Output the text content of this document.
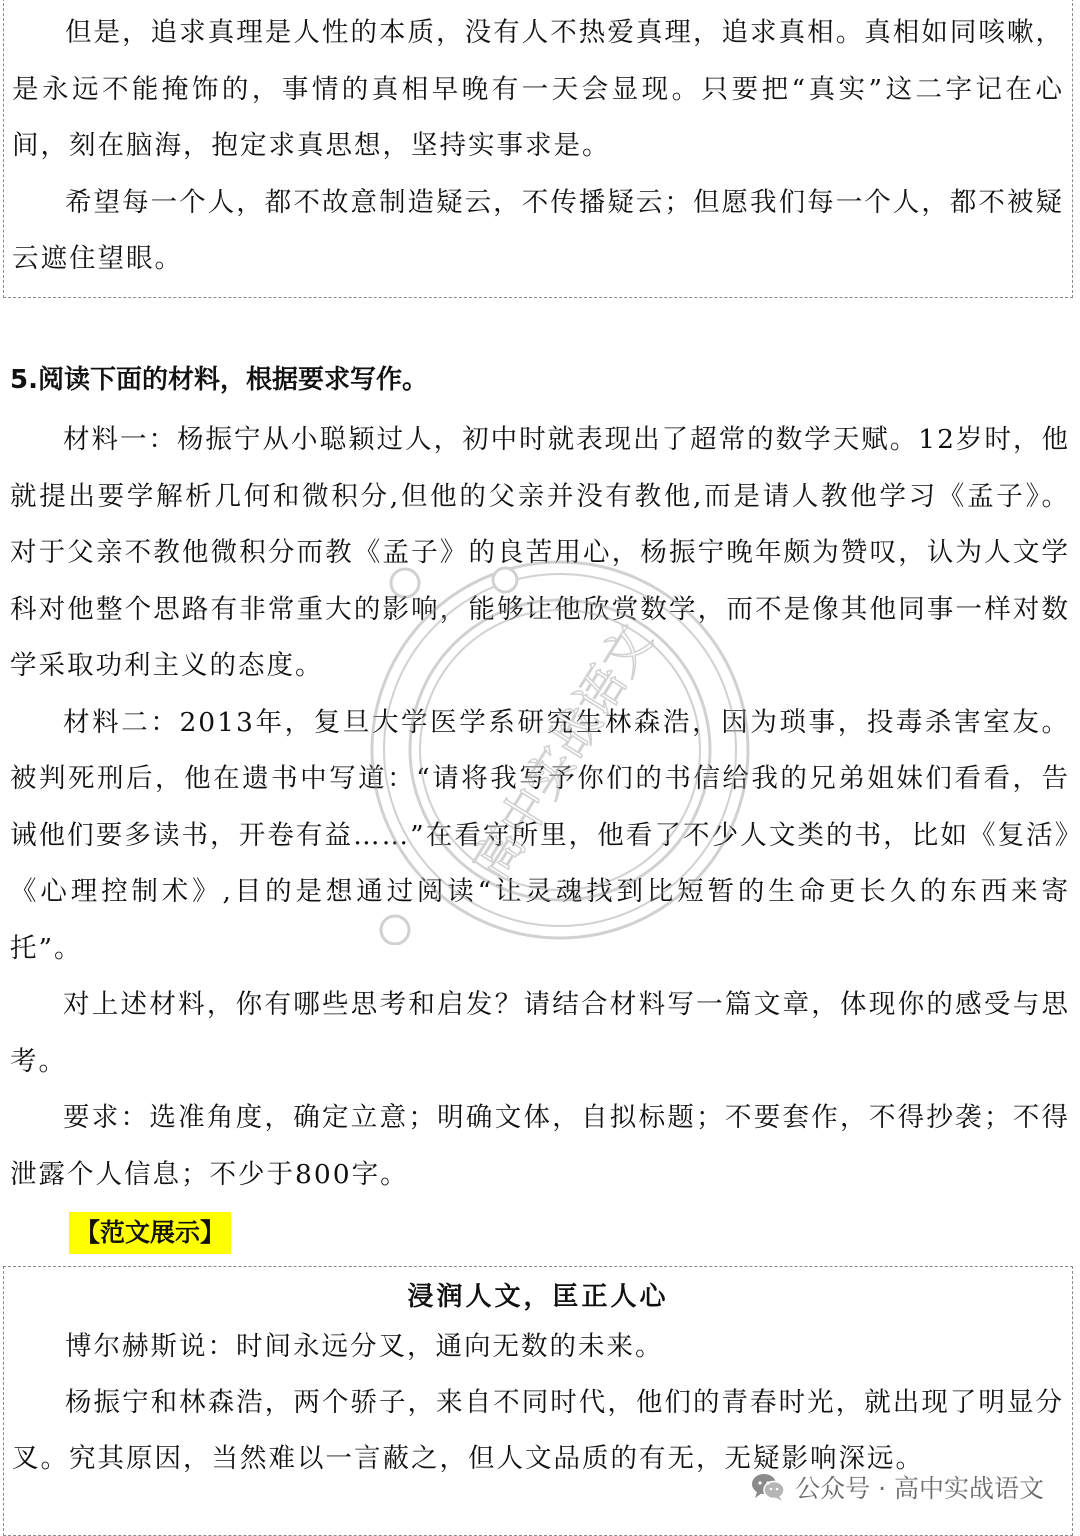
但是，追求真理是人性的本质，没有人不热爱真理，追求真相。真相如同咳嗽，是永远不能掩饰的，事情的真相早晚有一天会显现。只要把“真实”这二字记在心间，刻在脑海，抱定求真思想，坚持实事求是。

希望每一个人，都不故意制造疑云，不传播疑云；但愿我们每一个人，都不被疑云遮住望眼。

5.阅读下面的材料，根据要求写作。

材料一：杨振宁从小聪颖过人，初中时就表现出了超常的数学天赋。12岁时，他就提出要学解析几何和微积分,但他的父亲并没有教他,而是请人教他学习《孟子》。对于父亲不教他微积分而教《孟子》的良苦用心，杨振宁晚年颇为赞叹，认为人文学科对他整个思路有非常重大的影响，能够让他欣赏数学，而不是像其他同事一样对数学采取功利主义的态度。

材料二：2013年，复旦大学医学系研究生林森浩，因为琐事，投毒杀害室友。被判死刑后，他在遗书中写道：“请将我写予你们的书信给我的兄弟姐妹们看看，告诫他们要多读书，开卷有益……”在看守所里，他看了不少人文类的书，比如《复活》《心理控制术》,目的是想通过阅读“让灵魂找到比短暂的生命更长久的东西来寄托”。

对上述材料，你有哪些思考和启发？请结合材料写一篇文章，体现你的感受与思考。

要求：选准角度，确定立意；明确文体，自拟标题；不要套作，不得抄袭；不得泄露个人信息；不少于800字。

【范文展示】
浸润人文，匡正人心

博尔赫斯说：时间永远分叉，通向无数的未来。

杨振宁和林森浩，两个骄子，来自不同时代，他们的青春时光，就出现了明显分叉。究其原因，当然难以一言蔽之，但人文品质的有无，无疑影响深远。

高中实战语文
公众号 · 高中实战语文
